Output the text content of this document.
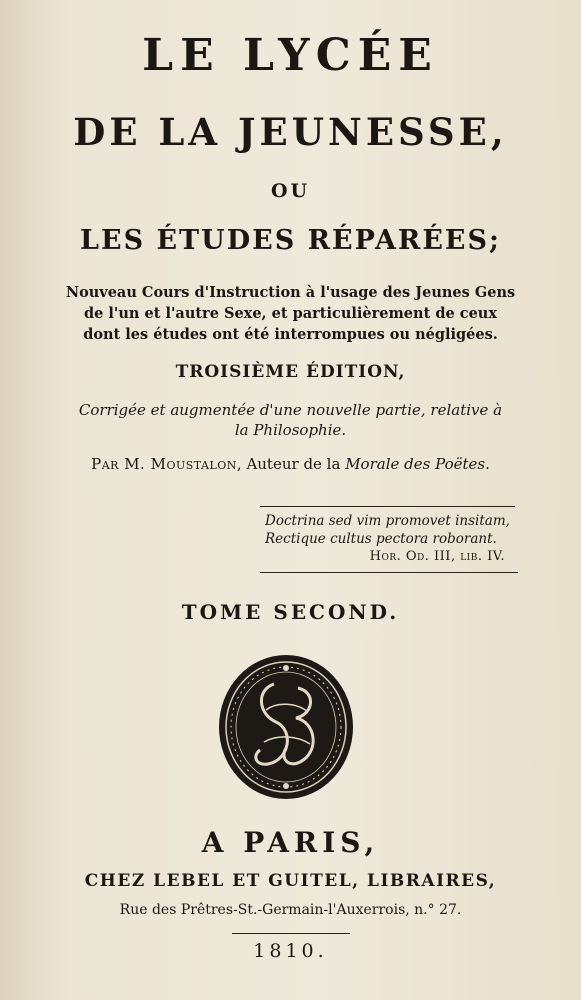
LE LYCÉE
DE LA JEUNESSE,
OU
LES ÉTUDES RÉPARÉES;
Nouveau Cours d'Instruction à l'usage des Jeunes Gens
de l'un et l'autre Sexe, et particulièrement de ceux
dont les études ont été interrompues ou négligées.
TROISIÈME ÉDITION,
Corrigée et augmentée d'une nouvelle partie, relative à
la Philosophie.
Par M. Moustalon, Auteur de la Morale des Poëtes.
Doctrina sed vim promovet insitam,
Rectique cultus pectora roborant.
Hor. Od. III, lib. IV.
TOME SECOND.
A PARIS,
CHEZ LEBEL ET GUITEL, LIBRAIRES,
Rue des Prêtres-St.-Germain-l'Auxerrois, n.° 27.
1810.
